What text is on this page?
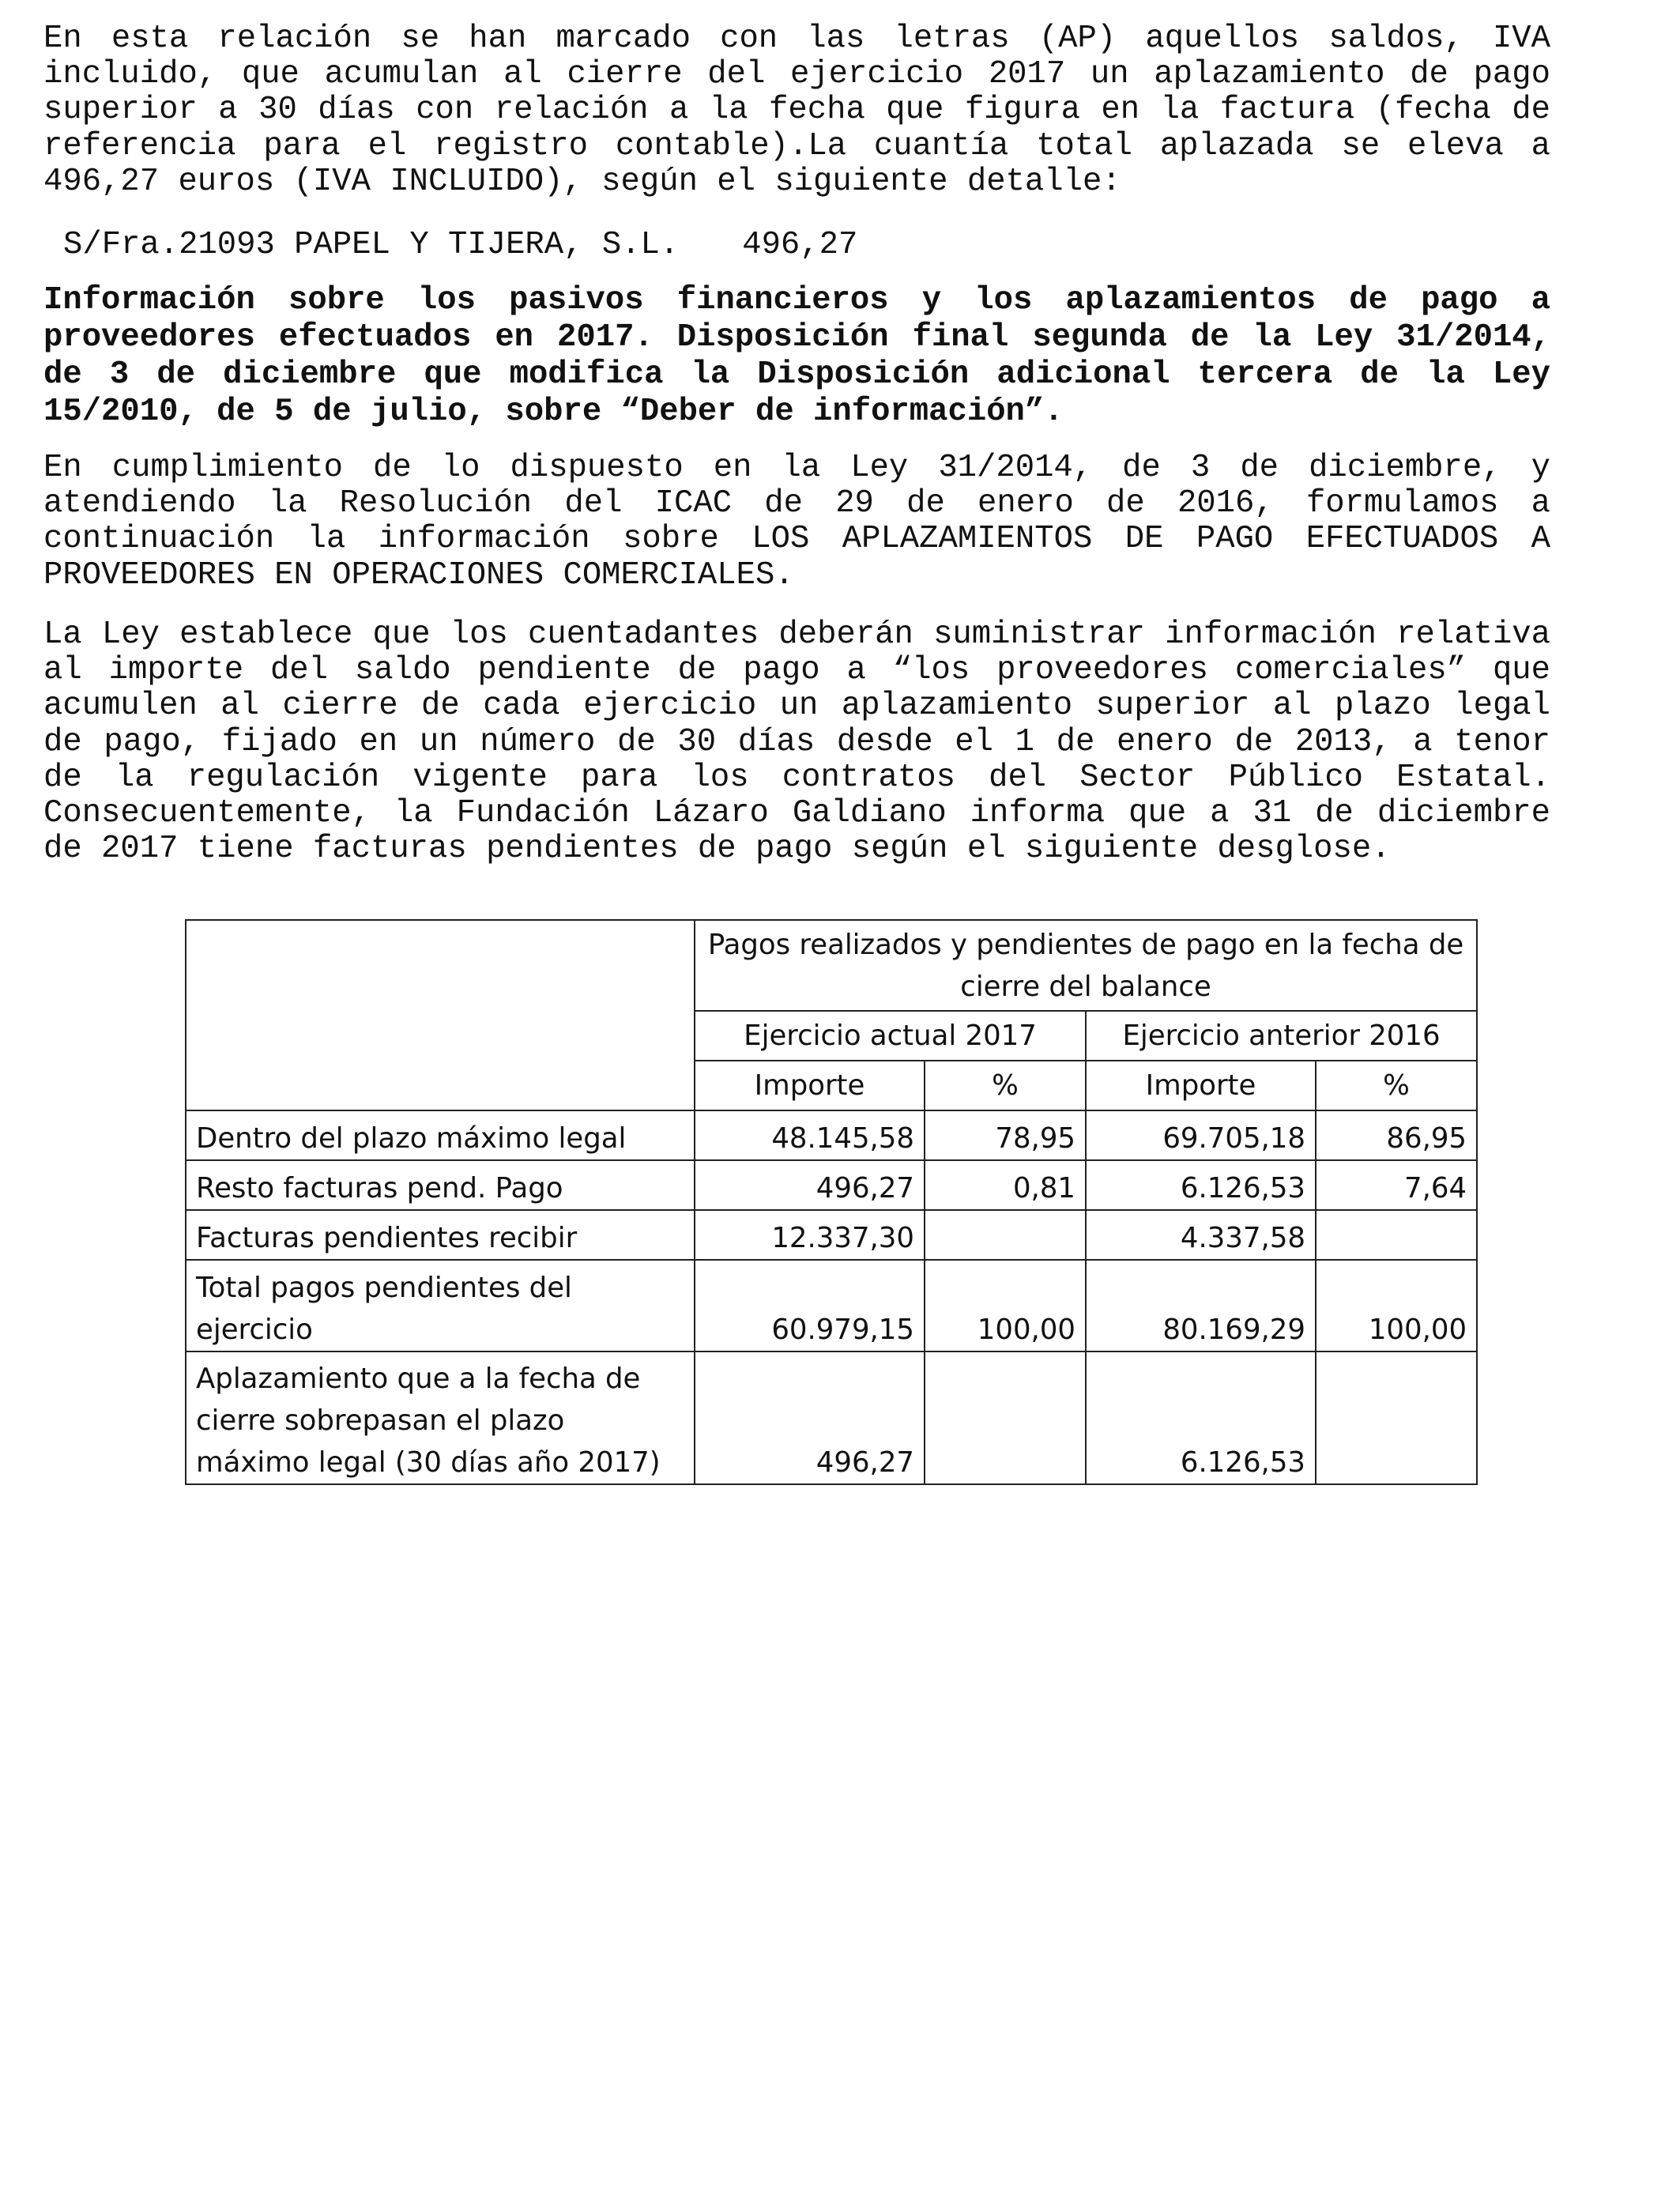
En esta relación se han marcado con las letras (AP) aquellos saldos, IVA incluido, que acumulan al cierre del ejercicio 2017 un aplazamiento de pago superior a 30 días con relación a la fecha que figura en la factura (fecha de referencia para el registro contable).La cuantía total aplazada se eleva a 496,27 euros (IVA INCLUIDO), según el siguiente detalle:

S/Fra.21093 PAPEL Y TIJERA, S.L. 496,27

Información sobre los pasivos financieros y los aplazamientos de pago a proveedores efectuados en 2017. Disposición final segunda de la Ley 31/2014, de 3 de diciembre que modifica la Disposición adicional tercera de la Ley 15/2010, de 5 de julio, sobre “Deber de información”.

En cumplimiento de lo dispuesto en la Ley 31/2014, de 3 de diciembre, y atendiendo la Resolución del ICAC de 29 de enero de 2016, formulamos a continuación la información sobre LOS APLAZAMIENTOS DE PAGO EFECTUADOS A PROVEEDORES EN OPERACIONES COMERCIALES.

La Ley establece que los cuentadantes deberán suministrar información relativa al importe del saldo pendiente de pago a “los proveedores comerciales” que acumulen al cierre de cada ejercicio un aplazamiento superior al plazo legal de pago, fijado en un número de 30 días desde el 1 de enero de 2013, a tenor de la regulación vigente para los contratos del Sector Público Estatal. Consecuentemente, la Fundación Lázaro Galdiano informa que a 31 de diciembre de 2017 tiene facturas pendientes de pago según el siguiente desglose.

	Pagos realizados y pendientes de pago en la fecha de cierre del balance			
	Ejercicio actual 2017		Ejercicio anterior 2016	
	Importe	%	Importe	%
Dentro del plazo máximo legal	48.145,58	78,95	69.705,18	86,95
Resto facturas pend. Pago	496,27	0,81	6.126,53	7,64
Facturas pendientes recibir	12.337,30		4.337,58	
Total pagos pendientes del ejercicio	60.979,15	100,00	80.169,29	100,00
Aplazamiento que a la fecha de cierre sobrepasan el plazo máximo legal (30 días año 2017)	496,27		6.126,53	
